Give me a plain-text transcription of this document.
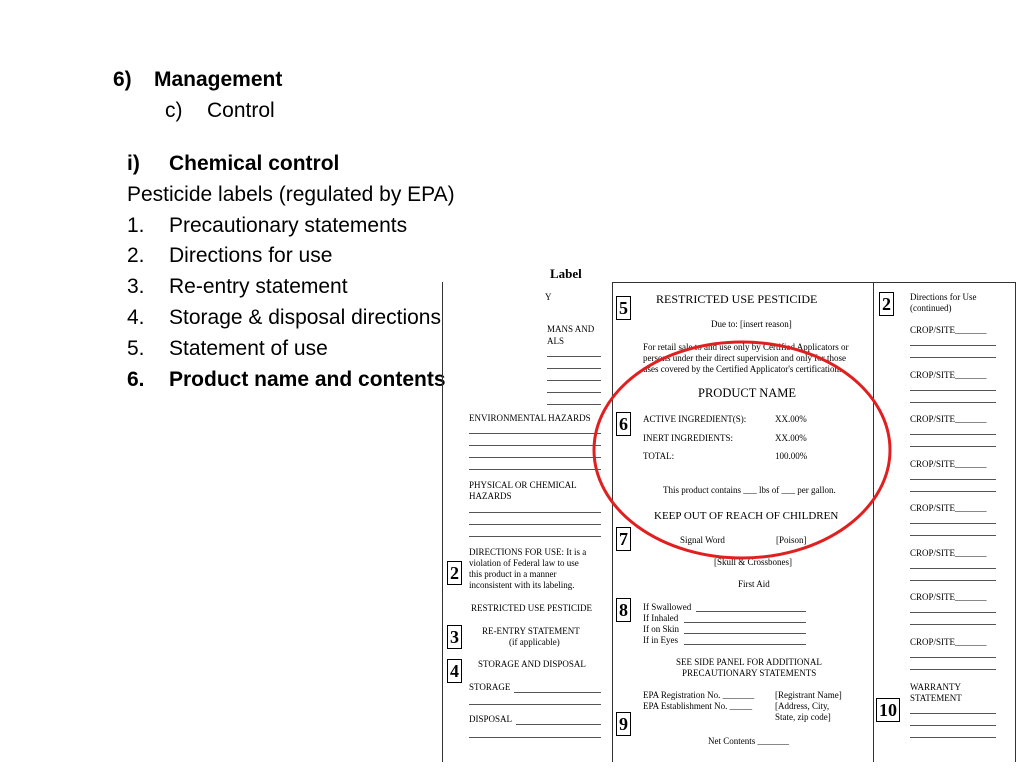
6) Management
c) Control
i) Chemical control
Pesticide labels (regulated by EPA)
1. Precautionary statements
2. Directions for use
3. Re-entry statement
4. Storage & disposal directions
5. Statement of use
6. Product name and contents
Label
Y
MANS AND
ALS
ENVIRONMENTAL HAZARDS
PHYSICAL OR CHEMICAL
HAZARDS
2
DIRECTIONS FOR USE: It is a
violation of Federal law to use
this product in a manner
inconsistent with its labeling.
RESTRICTED USE PESTICIDE
3	RE-ENTRY STATEMENT
(if applicable)
4	STORAGE AND DISPOSAL
STORAGE
DISPOSAL
5 RESTRICTED USE PESTICIDE
Due to: [insert reason]
For retail sale to and use only by Certified Applicators or
persons under their direct supervision and only for those
uses covered by the Certified Applicator's certification.
PRODUCT NAME
6	ACTIVE INGREDIENT(S):	XX.00%
INERT INGREDIENTS:	XX.00%
TOTAL:	100.00%
This product contains ___ lbs of ___ per gallon.
KEEP OUT OF REACH OF CHILDREN
7	Signal Word	[Poison]
[Skull & Crossbones]
First Aid
8	If Swallowed
If Inhaled
If on Skin
If in Eyes
SEE SIDE PANEL FOR ADDITIONAL
PRECAUTIONARY STATEMENTS
EPA Registration No. _______ [Registrant Name]
EPA Establishment No. _____	[Address, City,
State, zip code]
9
Net Contents _______
2	Directions for Use
(continued)
CROP/SITE_______
CROP/SITE_______
CROP/SITE_______
CROP/SITE_______
CROP/SITE_______
CROP/SITE_______
CROP/SITE_______
CROP/SITE_______
WARRANTY
STATEMENT
10
